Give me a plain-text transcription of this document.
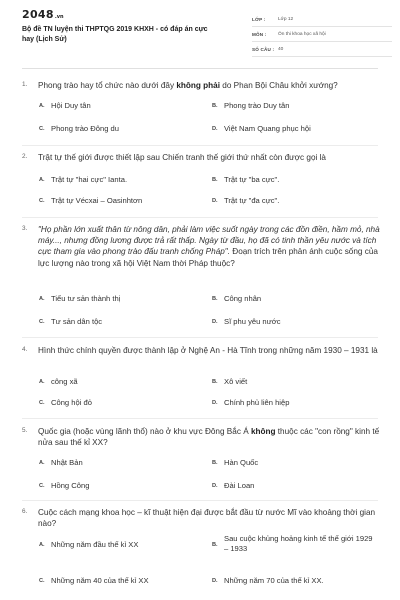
2048 .vn
Bộ đề TN luyện thi THPTQG 2019 KHXH - có đáp án cực hay (Lịch Sử)
LỚP :	Lớp 12
MÔN : Ôn thi khoa học xã hội
SỐ CÂU : 40
1. Phong trào hay tổ chức nào dưới đây không phải do Phan Bội Châu khởi xướng?
A. Hội Duy tân	B. Phong trào Duy tân
C. Phong trào Đông du	D. Việt Nam Quang phục hội
2. Trật tự thế giới được thiết lập sau Chiến tranh thế giới thứ nhất còn được gọi là
A. Trật tự "hai cực" Ianta.	B. Trật tự "ba cực".
C. Trật tự Vécxai – Oasinhtơn	D. Trật tự "đa cực".
3. "Họ phần lớn xuất thân từ nông dân, phải làm việc suốt ngày trong các đồn điền, hầm mỏ, nhà máy..., nhưng đồng lương được trả rất thấp. Ngày từ đầu, họ đã có tinh thần yêu nước và tích cực tham gia vào phong trào đấu tranh chống Pháp". Đoạn trích trên phản ánh cuộc sống của lực lượng nào trong xã hội Việt Nam thời Pháp thuộc?
A. Tiểu tư sản thành thị	B. Công nhân
C. Tư sản dân tộc	D. Sĩ phu yêu nước
4. Hình thức chính quyền được thành lập ở Nghệ An - Hà Tĩnh trong những năm 1930 – 1931 là
A. công xã	B. Xô viết
C. Công hội đỏ	D. Chính phủ liên hiệp
5. Quốc gia (hoặc vùng lãnh thổ) nào ở khu vực Đông Bắc Á không thuộc các "con rồng" kinh tế nửa sau thế kỉ XX?
A. Nhật Bản	B. Hàn Quốc
C. Hồng Công	D. Đài Loan
6. Cuộc cách mạng khoa học – kĩ thuật hiện đại được bắt đầu từ nước Mĩ vào khoảng thời gian nào?
A. Những năm đầu thế kỉ XX	B.
Sau cuộc khủng hoảng kinh tế thế giới 1929 – 1933
C. Những năm 40 của thế kỉ XX	D. Những năm 70 của thế kỉ XX.
